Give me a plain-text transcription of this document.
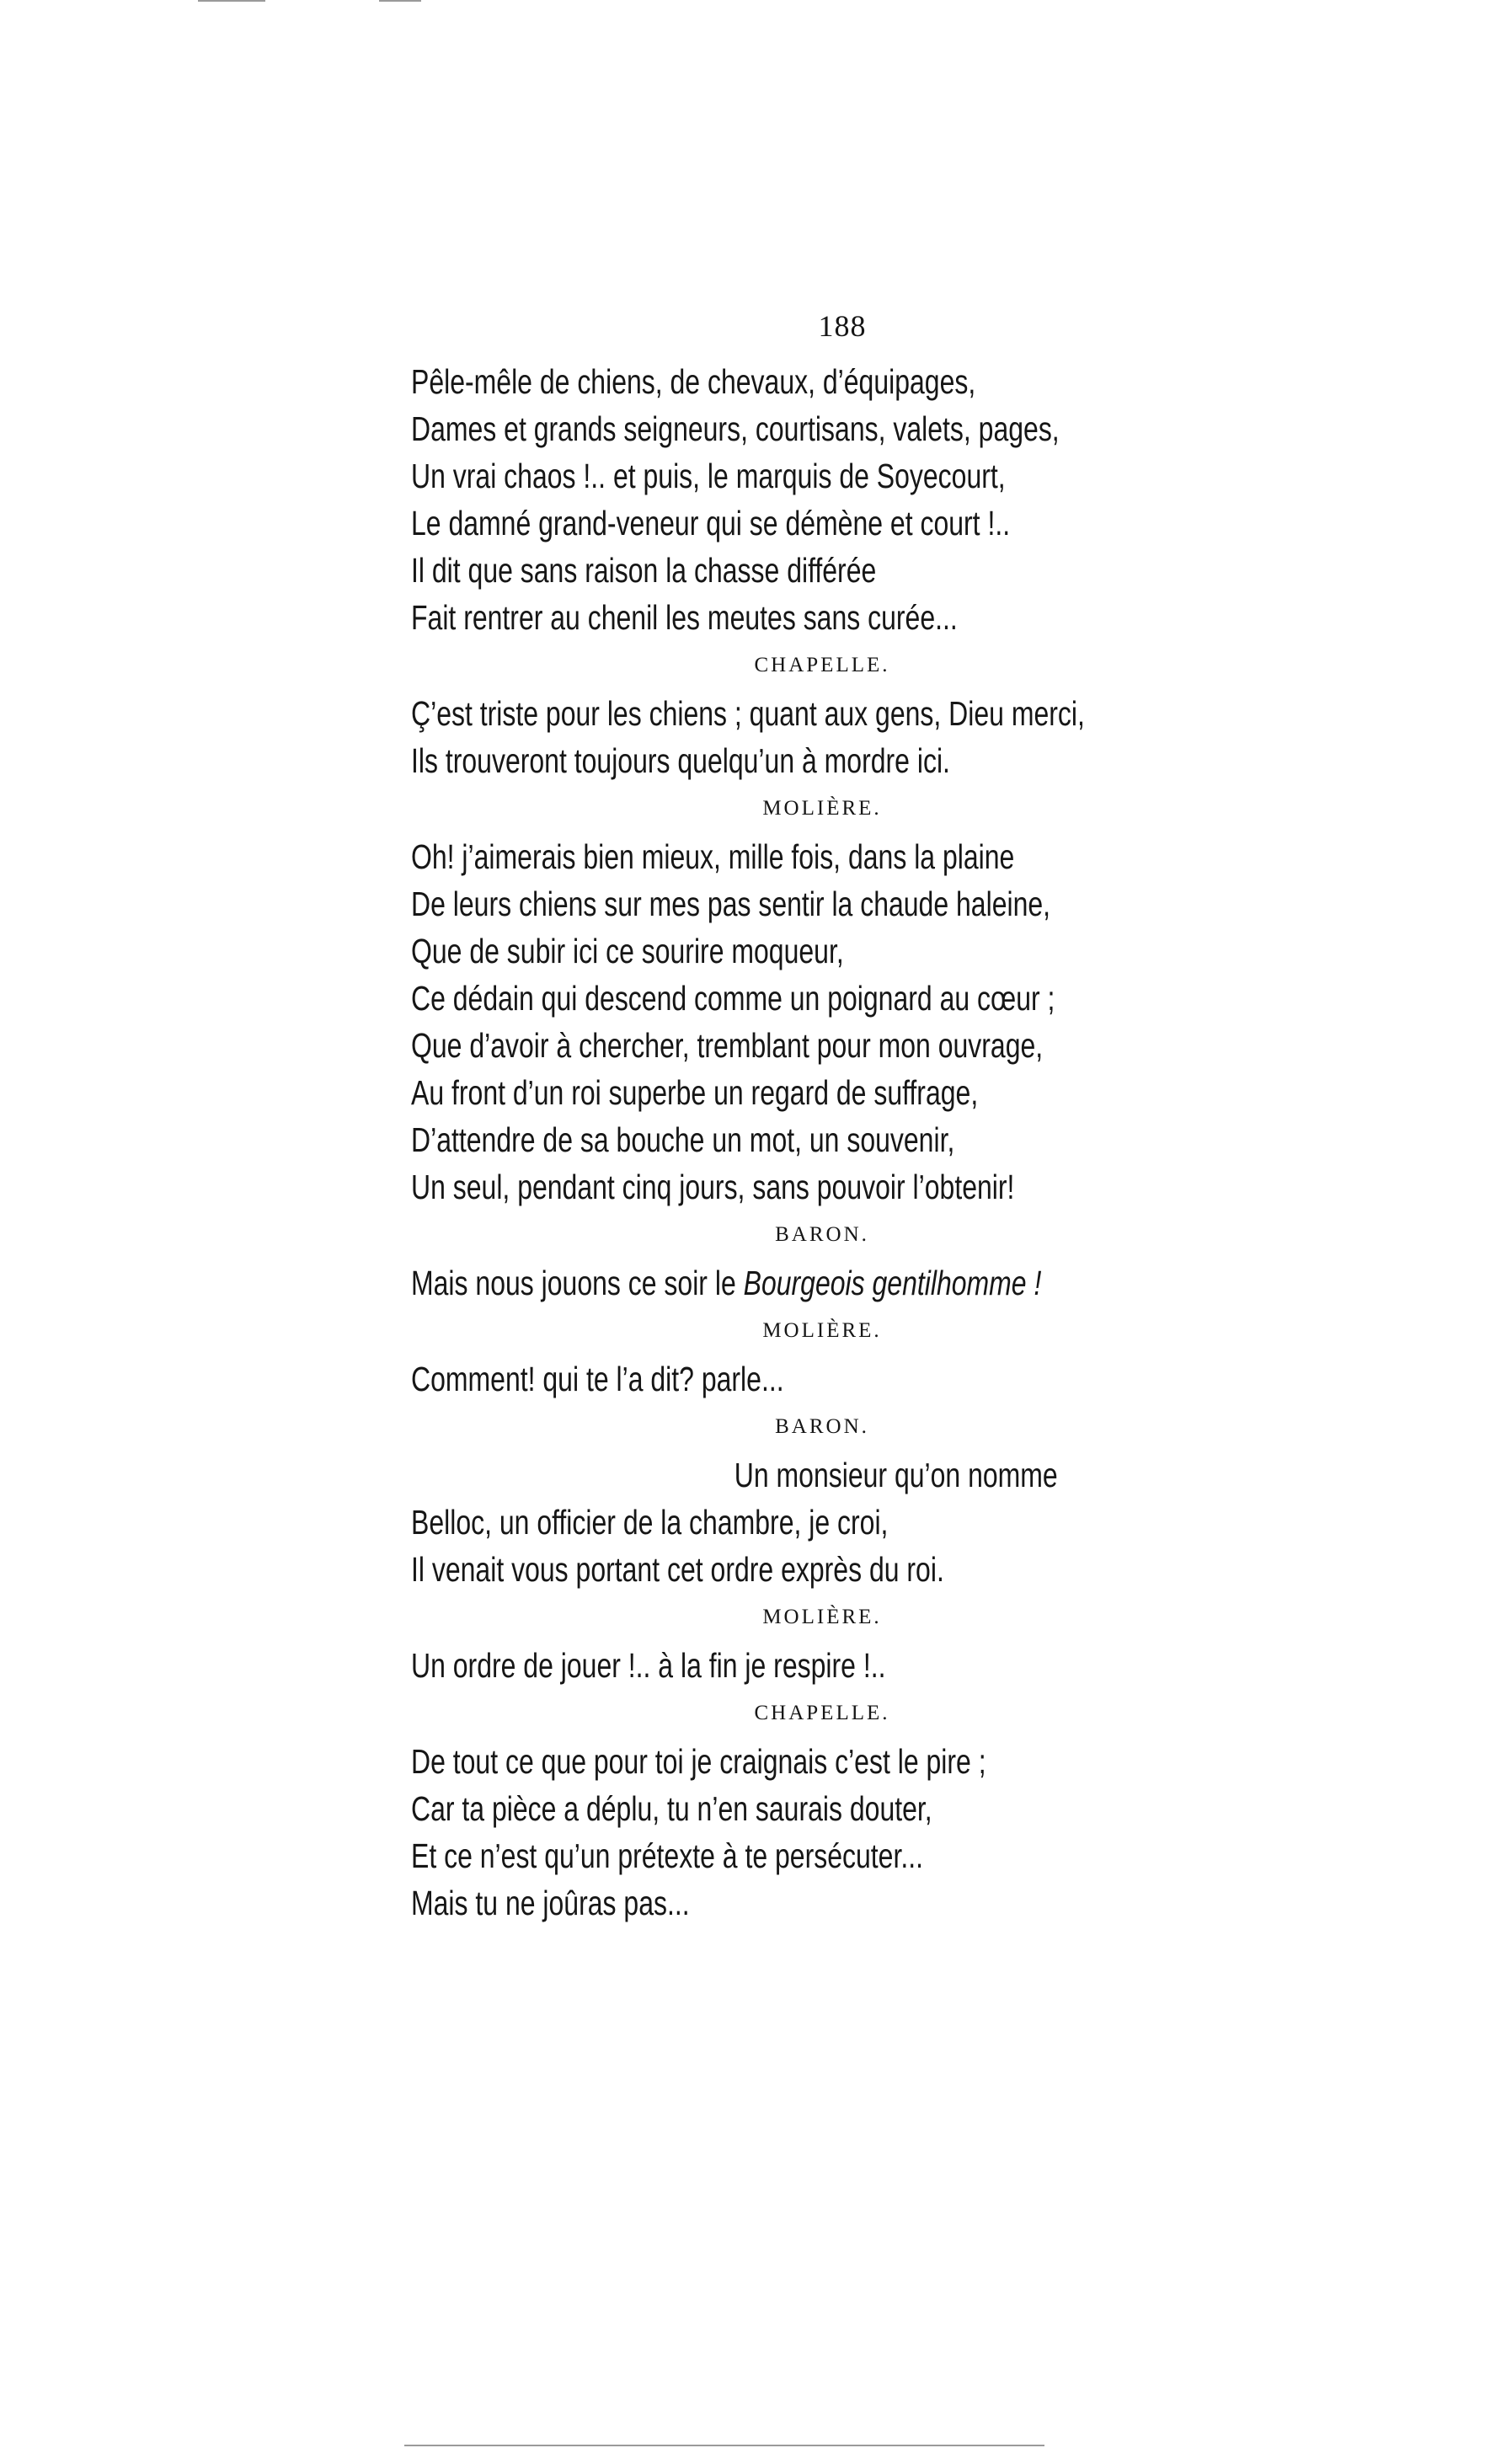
188
Pêle-mêle de chiens, de chevaux, d’équipages,
Dames et grands seigneurs, courtisans, valets, pages,
Un vrai chaos !.. et puis, le marquis de Soyecourt,
Le damné grand-veneur qui se démène et court !..
Il dit que sans raison la chasse différée
Fait rentrer au chenil les meutes sans curée...
CHAPELLE.
Ç’est triste pour les chiens ; quant aux gens, Dieu merci,
Ils trouveront toujours quelqu’un à mordre ici.
MOLIÈRE.
Oh! j’aimerais bien mieux, mille fois, dans la plaine
De leurs chiens sur mes pas sentir la chaude haleine,
Que de subir ici ce sourire moqueur,
Ce dédain qui descend comme un poignard au cœur ;
Que d’avoir à chercher, tremblant pour mon ouvrage,
Au front d’un roi superbe un regard de suffrage,
D’attendre de sa bouche un mot, un souvenir,
Un seul, pendant cinq jours, sans pouvoir l’obtenir!
BARON.
Mais nous jouons ce soir le Bourgeois gentilhomme !
MOLIÈRE.
Comment! qui te l’a dit? parle...
BARON.
Un monsieur qu’on nomme
Belloc, un officier de la chambre, je croi,
Il venait vous portant cet ordre exprès du roi.
MOLIÈRE.
Un ordre de jouer !.. à la fin je respire !..
CHAPELLE.
De tout ce que pour toi je craignais c’est le pire ;
Car ta pièce a déplu, tu n’en saurais douter,
Et ce n’est qu’un prétexte à te persécuter...
Mais tu ne joûras pas...
